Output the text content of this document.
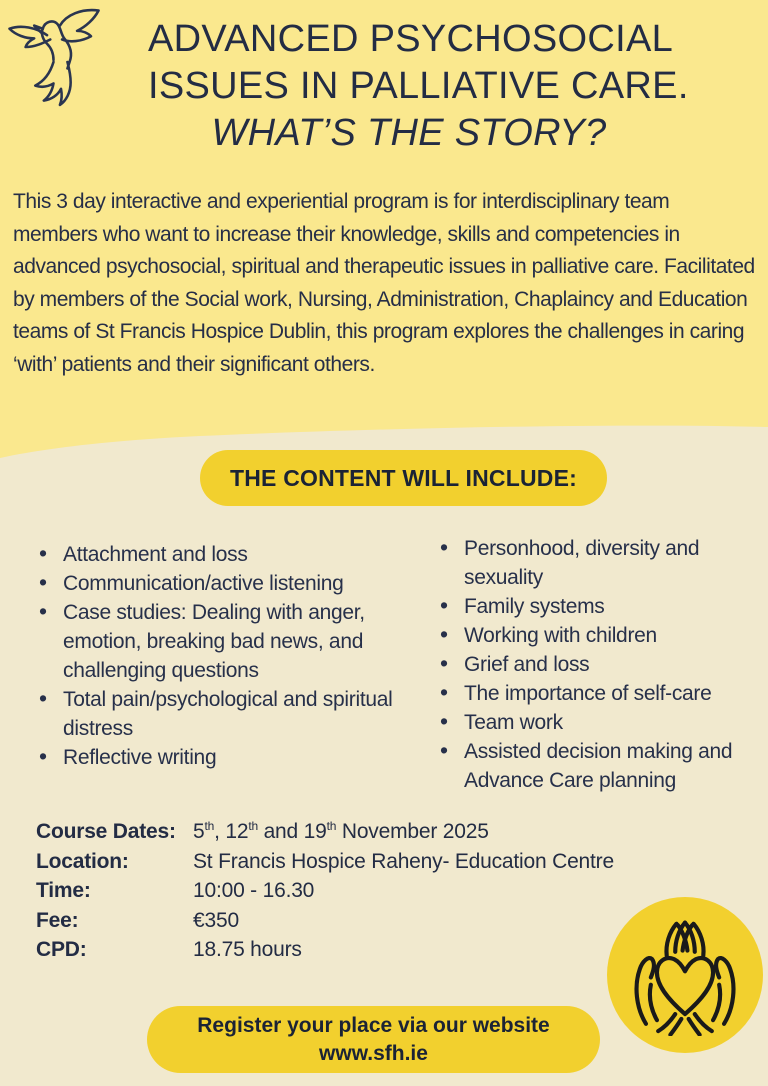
ADVANCED PSYCHOSOCIAL
ISSUES IN PALLIATIVE CARE.
WHAT’S THE STORY?

This 3 day interactive and experiential program is for interdisciplinary team members who want to increase their knowledge, skills and competencies in advanced psychosocial, spiritual and therapeutic issues in palliative care. Facilitated by members of the Social work, Nursing, Administration, Chaplaincy and Education teams of St Francis Hospice Dublin, this program explores the challenges in caring ‘with’ patients and their significant others.

THE CONTENT WILL INCLUDE:
• Attachment and loss
• Communication/active listening
• Case studies: Dealing with anger, emotion, breaking bad news, and challenging questions
• Total pain/psychological and spiritual distress
• Reflective writing
• Personhood, diversity and sexuality
• Family systems
• Working with children
• Grief and loss
• The importance of self-care
• Team work
• Assisted decision making and Advance Care planning
Course Dates: 5th, 12th and 19th November 2025
Location:	St Francis Hospice Raheny- Education Centre
Time:	10:00 - 16.30
Fee:	€350
CPD:	18.75 hours
Register your place via our website
www.sfh.ie
